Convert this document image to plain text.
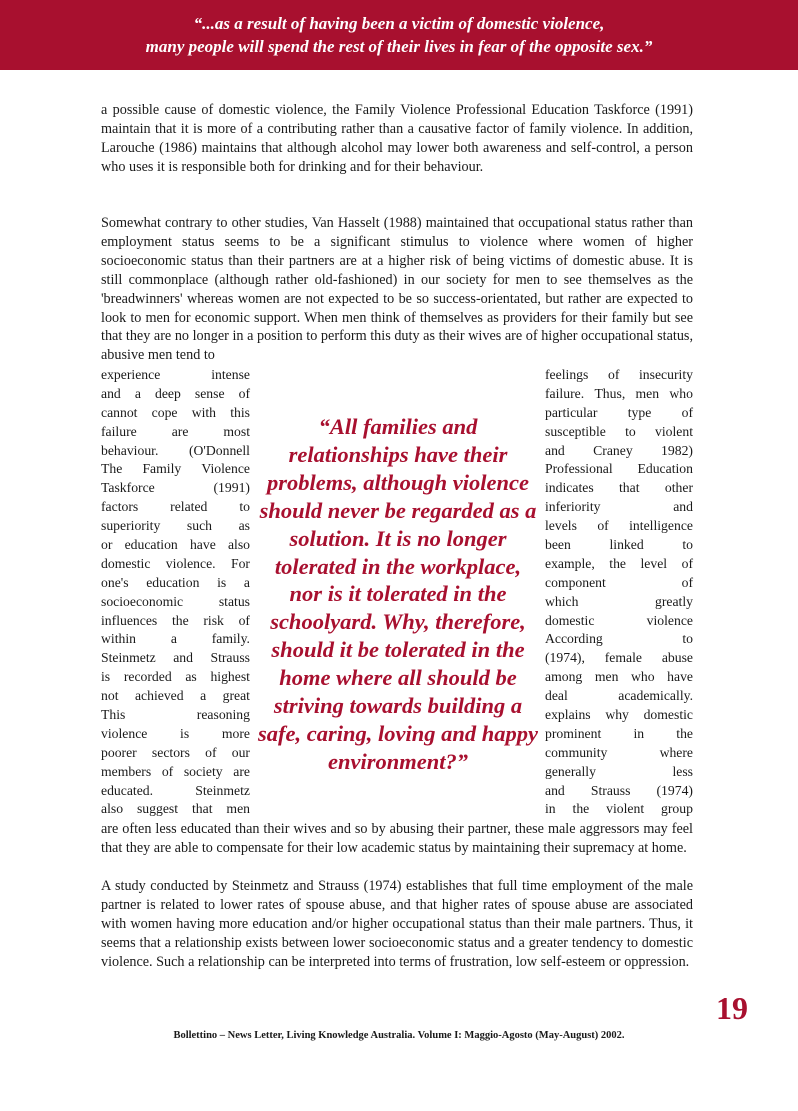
“...as a result of having been a victim of domestic violence,
many people will spend the rest of their lives in fear of the opposite sex.”

a possible cause of domestic violence, the Family Violence Professional Education Taskforce (1991) maintain that it is more of a contributing rather than a causative factor of family violence. In addition, Larouche (1986) maintains that although alcohol may lower both awareness and self-control, a person who uses it is responsible both for drinking and for their behaviour.

Somewhat contrary to other studies, Van Hasselt (1988) maintained that occupational status rather than employment status seems to be a significant stimulus to violence where women of higher socioeconomic status than their partners are at a higher risk of being victims of domestic abuse. It is still commonplace (although rather old-fashioned) in our society for men to see themselves as the 'breadwinners' whereas women are not expected to be so success-orientated, but rather are expected to look to men for economic support. When men think of themselves as providers for their family but see that they are no longer in a position to perform this duty as their wives are of higher occupational status, abusive men tend to

experience	intense
and a deep sense of
cannot cope with this
failure	are	most
behaviour. (O'Donnell
The Family Violence
Taskforce	(1991)
factors related to
superiority such as
or education have also
domestic violence. For
one's education is a
socioeconomic	status
influences the risk of
within	a	family.
Steinmetz and Strauss
is recorded as highest
not achieved a great
This	reasoning
violence is more
poorer sectors of our
members of society are
educated.	Steinmetz
also suggest that men
“All families and relationships have their problems, although violence should never be regarded as a solution. It is no longer tolerated in the workplace, nor is it tolerated in the schoolyard. Why, therefore, should it be tolerated in the home where all should be striving towards building a safe, caring, loving and happy environment?”
feelings of insecurity
failure. Thus, men who
particular type of
susceptible to violent
and Craney 1982)
Professional Education
indicates that other
inferiority	and
levels of intelligence
been	linked	to
example, the level of
component	of
which	greatly
domestic	violence
According	to
(1974), female abuse
among men who have
deal	academically.
explains why domestic
prominent in the
community	where
generally	less
and Strauss (1974)
in the violent group

are often less educated than their wives and so by abusing their partner, these male aggressors may feel that they are able to compensate for their low academic status by maintaining their supremacy at home.

A study conducted by Steinmetz and Strauss (1974) establishes that full time employment of the male partner is related to lower rates of spouse abuse, and that higher rates of spouse abuse are associated with women having more education and/or higher occupational status than their male partners. Thus, it seems that a relationship exists between lower socioeconomic status and a greater tendency to domestic violence. Such a relationship can be interpreted into terms of frustration, low self-esteem or oppression.

19
Bollettino – News Letter, Living Knowledge Australia. Volume I: Maggio-Agosto (May-August) 2002.
